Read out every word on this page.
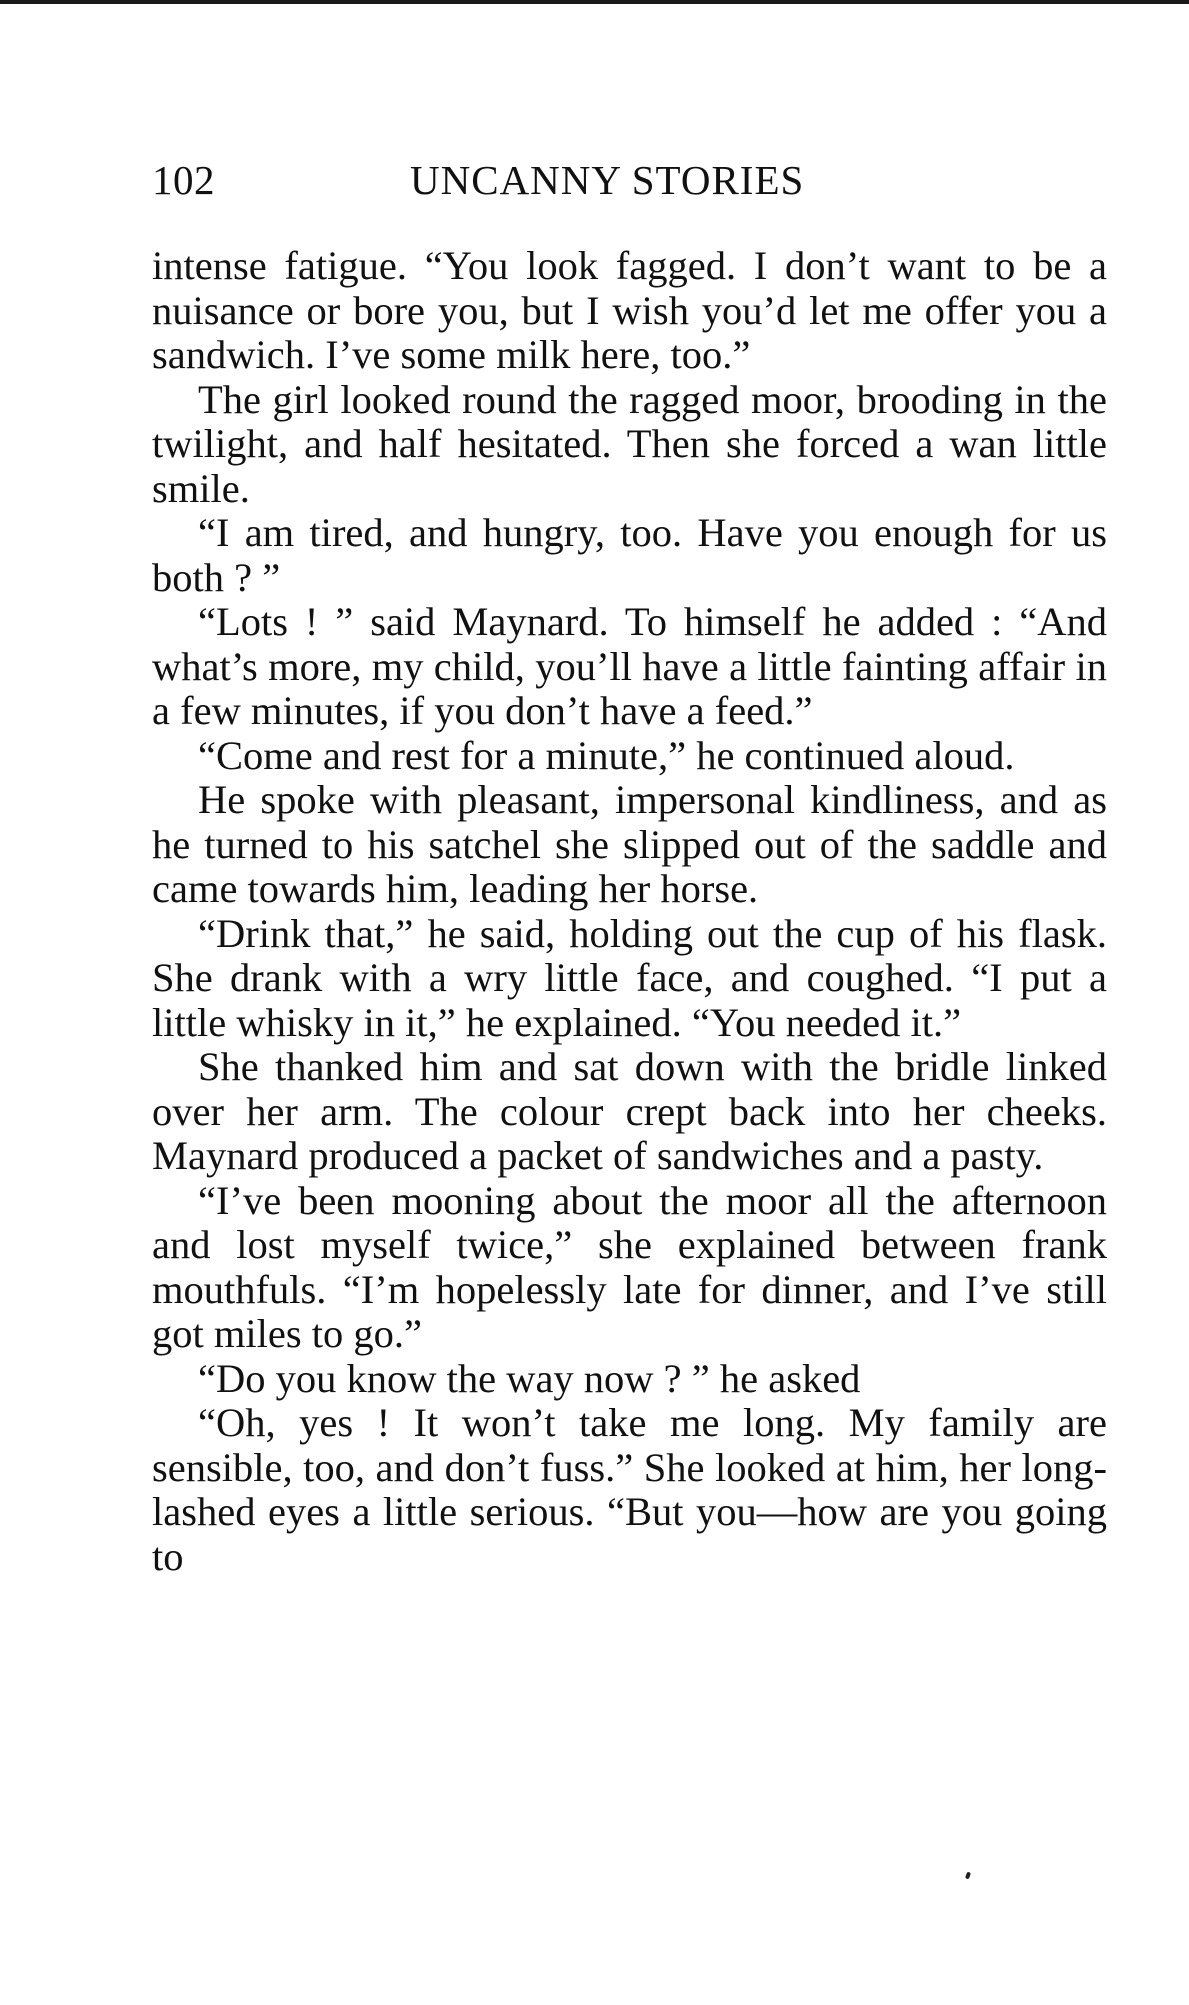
102	UNCANNY STORIES

intense fatigue. “You look fagged. I don’t want to be a nuisance or bore you, but I wish you’d let me offer you a sandwich. I’ve some milk here, too.”

The girl looked round the ragged moor, brooding in the twilight, and half hesitated. Then she forced a wan little smile.

“I am tired, and hungry, too. Have you enough for us both ? ”

“Lots ! ” said Maynard. To himself he added : “And what’s more, my child, you’ll have a little fainting affair in a few minutes, if you don’t have a feed.”

“Come and rest for a minute,” he continued aloud.

He spoke with pleasant, impersonal kindliness, and as he turned to his satchel she slipped out of the saddle and came towards him, leading her horse.

“Drink that,” he said, holding out the cup of his flask. She drank with a wry little face, and coughed. “I put a little whisky in it,” he explained. “You needed it.”

She thanked him and sat down with the bridle linked over her arm. The colour crept back into her cheeks. Maynard produced a packet of sandwiches and a pasty.

“I’ve been mooning about the moor all the afternoon and lost myself twice,” she explained between frank mouthfuls. “I’m hopelessly late for dinner, and I’ve still got miles to go.”

“Do you know the way now ? ” he asked

“Oh, yes ! It won’t take me long. My family are sensible, too, and don’t fuss.” She looked at him, her long-lashed eyes a little serious. “But you—how are you going to
